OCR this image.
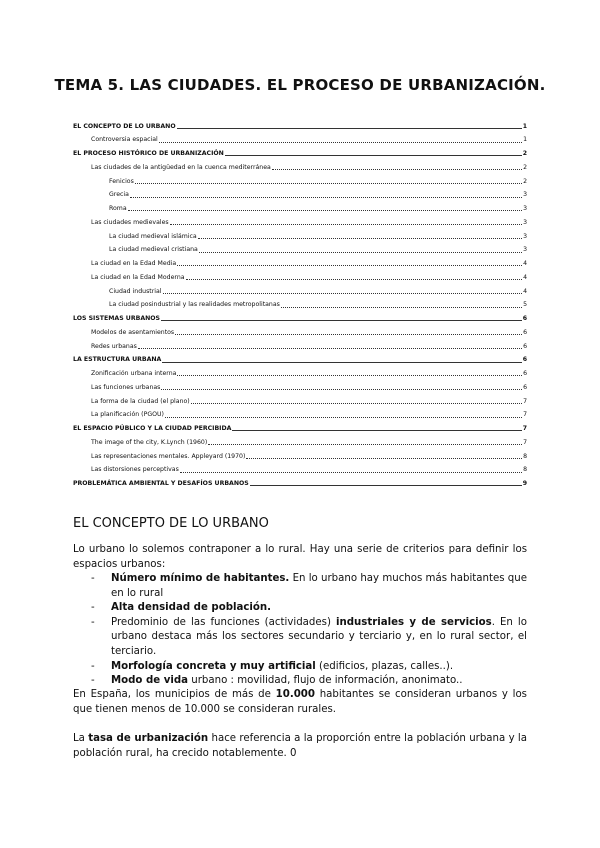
TEMA 5. LAS CIUDADES. EL PROCESO DE URBANIZACIÓN.
EL CONCEPTO DE LO URBANO	1
Controversia espacial	1
EL PROCESO HISTÓRICO DE URBANIZACIÓN	2
Las ciudades de la antigüedad en la cuenca mediterránea	2
Fenicios	2
Grecia	3
Roma	3
Las ciudades medievales	3
La ciudad medieval islámica	3
La ciudad medieval cristiana	3
La ciudad en la Edad Media	4
La ciudad en la Edad Moderna	4
Ciudad industrial	4
La ciudad posindustrial y las realidades metropolitanas	5
LOS SISTEMAS URBANOS	6
Modelos de asentamientos	6
Redes urbanas	6
LA ESTRUCTURA URBANA	6
Zonificación urbana interna	6
Las funciones urbanas	6
La forma de la ciudad (el plano)	7
La planificación (PGOU)	7
EL ESPACIO PÚBLICO Y LA CIUDAD PERCIBIDA	7
The image of the city, K.Lynch (1960)	7
Las representaciones mentales. Appleyard (1970)	8
Las distorsiones perceptivas	8
PROBLEMÁTICA AMBIENTAL Y DESAFÍOS URBANOS	9
EL CONCEPTO DE LO URBANO
Lo urbano lo solemos contraponer a lo rural. Hay una serie de criterios para definir los espacios urbanos:
-	Número mínimo de habitantes. En lo urbano hay muchos más habitantes que en lo rural
-	Alta densidad de población.
-	Predominio de las funciones (actividades) industriales y de servicios. En lo urbano destaca más los sectores secundario y terciario y, en lo rural sector, el terciario.
-	Morfología concreta y muy artificial (edificios, plazas, calles..).
-	Modo de vida urbano : movilidad, flujo de información, anonimato..
En España, los municipios de más de 10.000 habitantes se consideran urbanos y los que tienen menos de 10.000 se consideran rurales.
La tasa de urbanización hace referencia a la proporción entre la población urbana y la población rural, ha crecido notablemente. 0
